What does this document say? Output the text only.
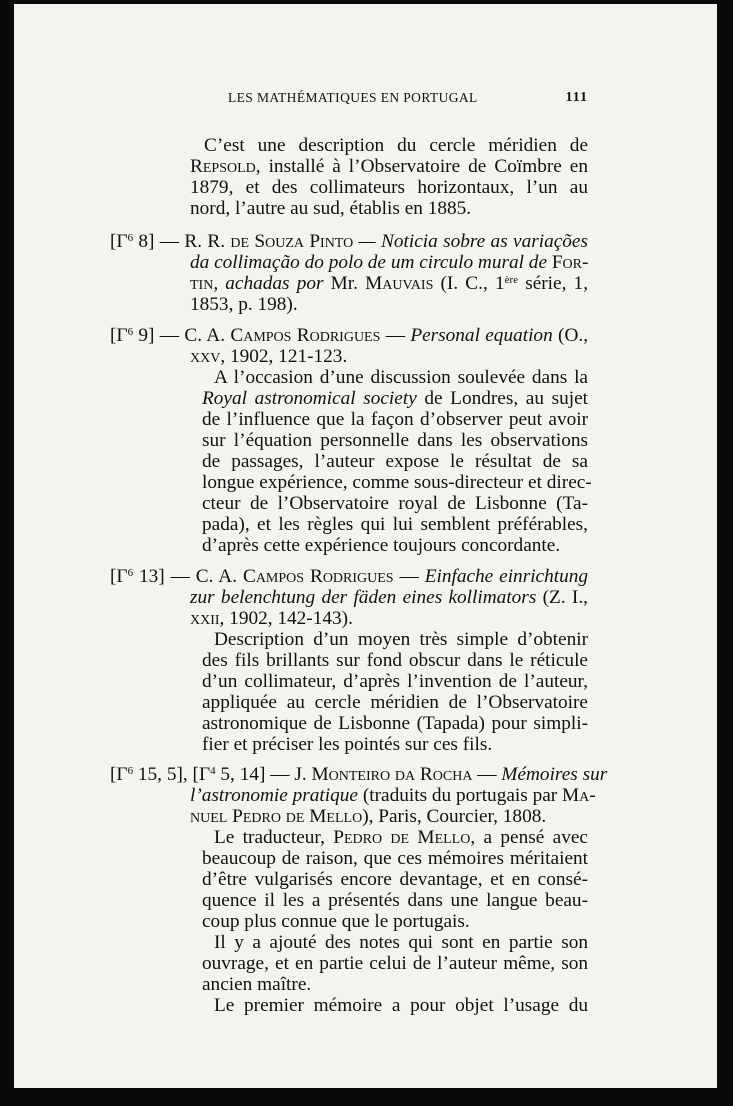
LES MATHÉMATIQUES EN PORTUGAL	111
C’est une description du cercle méridien de
Repsold, installé à l’Observatoire de Coïmbre en
1879, et des collimateurs horizontaux, l’un au
nord, l’autre au sud, établis en 1885.
[$\Gamma^6$ 8] — R. R. de Souza Pinto — Noticia sobre as variações
da collimação do polo de um circulo mural de For-
tin, achadas por Mr. Mauvais (I. C., 1ère série, 1,
1853, p. 198).
[$\Gamma^6$ 9] — C. A. Campos Rodrigues — Personal equation (O.,
xxv, 1902, 121-123.
A l’occasion d’une discussion soulevée dans la
Royal astronomical society de Londres, au sujet
de l’influence que la façon d’observer peut avoir
sur l’équation personnelle dans les observations
de passages, l’auteur expose le résultat de sa
longue expérience, comme sous-directeur et direc-
cteur de l’Observatoire royal de Lisbonne (Ta-
pada), et les règles qui lui semblent préférables,
d’après cette expérience toujours concordante.
[$\Gamma^6$ 13] — C. A. Campos Rodrigues — Einfache einrichtung
zur belenchtung der fäden eines kollimators (Z. I.,
xxii, 1902, 142-143).
Description d’un moyen très simple d’obtenir
des fils brillants sur fond obscur dans le réticule
d’un collimateur, d’après l’invention de l’auteur,
appliquée au cercle méridien de l’Observatoire
astronomique de Lisbonne (Tapada) pour simpli-
fier et préciser les pointés sur ces fils.
[$\Gamma^6$ 15, 5], [$\Gamma^4$ 5, 14] — J. Monteiro da Rocha — Mémoires sur
l’astronomie pratique (traduits du portugais par Ma-
nuel Pedro de Mello), Paris, Courcier, 1808.
Le traducteur, Pedro de Mello, a pensé avec
beaucoup de raison, que ces mémoires méritaient
d’être vulgarisés encore devantage, et en consé-
quence il les a présentés dans une langue beau-
coup plus connue que le portugais.
Il y a ajouté des notes qui sont en partie son
ouvrage, et en partie celui de l’auteur même, son
ancien maître.
Le premier mémoire a pour objet l’usage du
